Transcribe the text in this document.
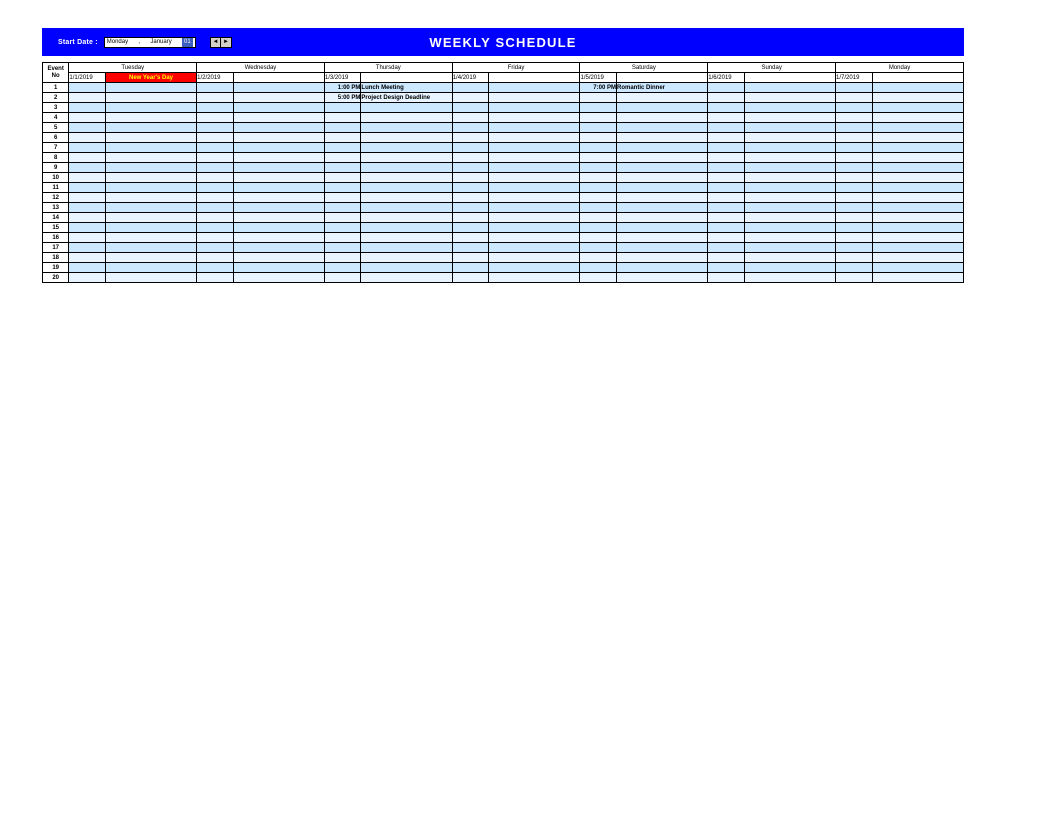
Start Date : Monday , January	01	◄ ►	WEEKLY SCHEDULE
Event
No	Tuesday		Wednesday		Thursday		Friday		Saturday		Sunday		Monday	
	1/1/2019	New Year's Day	1/2/2019		1/3/2019		1/4/2019		1/5/2019		1/6/2019		1/7/2019	
1					1:00 PM	Lunch Meeting			7:00 PM	Romantic Dinner				
2					5:00 PM	Project Design Deadline								
3														
4														
5														
6														
7														
8														
9														
10														
11														
12														
13														
14														
15														
16														
17														
18														
19														
20														
